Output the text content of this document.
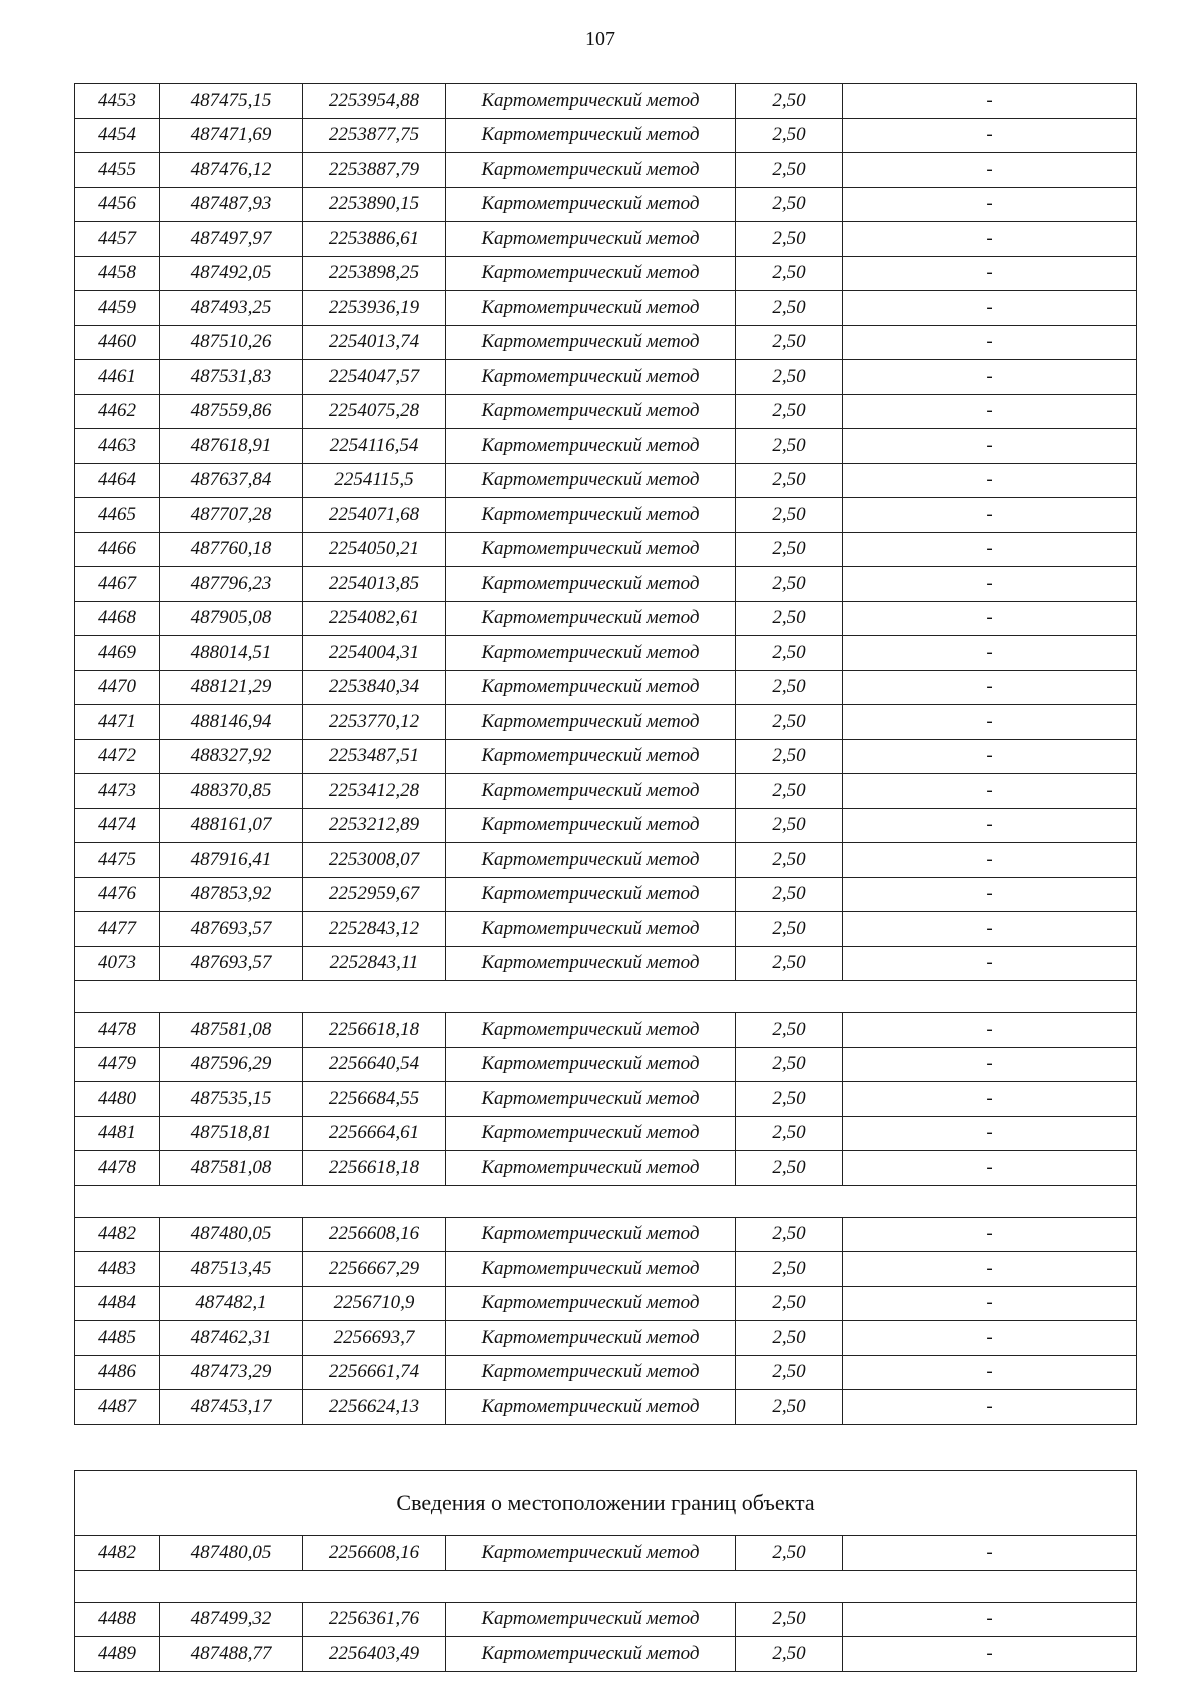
107
4453	487475,15	2253954,88	Картометрический метод	2,50	-
4454	487471,69	2253877,75	Картометрический метод	2,50	-
4455	487476,12	2253887,79	Картометрический метод	2,50	-
4456	487487,93	2253890,15	Картометрический метод	2,50	-
4457	487497,97	2253886,61	Картометрический метод	2,50	-
4458	487492,05	2253898,25	Картометрический метод	2,50	-
4459	487493,25	2253936,19	Картометрический метод	2,50	-
4460	487510,26	2254013,74	Картометрический метод	2,50	-
4461	487531,83	2254047,57	Картометрический метод	2,50	-
4462	487559,86	2254075,28	Картометрический метод	2,50	-
4463	487618,91	2254116,54	Картометрический метод	2,50	-
4464	487637,84	2254115,5	Картометрический метод	2,50	-
4465	487707,28	2254071,68	Картометрический метод	2,50	-
4466	487760,18	2254050,21	Картометрический метод	2,50	-
4467	487796,23	2254013,85	Картометрический метод	2,50	-
4468	487905,08	2254082,61	Картометрический метод	2,50	-
4469	488014,51	2254004,31	Картометрический метод	2,50	-
4470	488121,29	2253840,34	Картометрический метод	2,50	-
4471	488146,94	2253770,12	Картометрический метод	2,50	-
4472	488327,92	2253487,51	Картометрический метод	2,50	-
4473	488370,85	2253412,28	Картометрический метод	2,50	-
4474	488161,07	2253212,89	Картометрический метод	2,50	-
4475	487916,41	2253008,07	Картометрический метод	2,50	-
4476	487853,92	2252959,67	Картометрический метод	2,50	-
4477	487693,57	2252843,12	Картометрический метод	2,50	-
4073	487693,57	2252843,11	Картометрический метод	2,50	-

4478	487581,08	2256618,18	Картометрический метод	2,50	-
4479	487596,29	2256640,54	Картометрический метод	2,50	-
4480	487535,15	2256684,55	Картометрический метод	2,50	-
4481	487518,81	2256664,61	Картометрический метод	2,50	-
4478	487581,08	2256618,18	Картометрический метод	2,50	-

4482	487480,05	2256608,16	Картометрический метод	2,50	-
4483	487513,45	2256667,29	Картометрический метод	2,50	-
4484	487482,1	2256710,9	Картометрический метод	2,50	-
4485	487462,31	2256693,7	Картометрический метод	2,50	-
4486	487473,29	2256661,74	Картометрический метод	2,50	-
4487	487453,17	2256624,13	Картометрический метод	2,50	-
Сведения о местоположении границ объекта					
4482	487480,05	2256608,16	Картометрический метод	2,50	-

4488	487499,32	2256361,76	Картометрический метод	2,50	-
4489	487488,77	2256403,49	Картометрический метод	2,50	-
